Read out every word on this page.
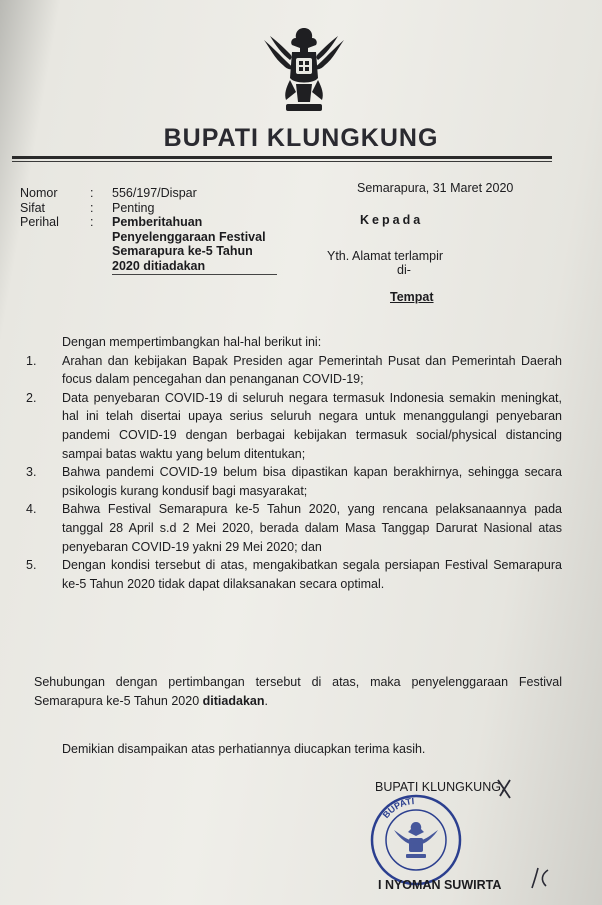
BUPATI KLUNGKUNG
Nomor	:	556/197/Dispar
Sifat	:	Penting
Perihal	:	Pemberitahuan
Penyelenggaraan Festival
Semarapura ke-5 Tahun
2020 ditiadakan
Semarapura, 31 Maret 2020
Kepada
Yth. Alamat terlampir
di-
Tempat

Dengan mempertimbangkan hal-hal berikut ini:

1. Arahan dan kebijakan Bapak Presiden agar Pemerintah Pusat dan Pemerintah Daerah focus dalam pencegahan dan penanganan COVID-19;
2. Data penyebaran COVID-19 di seluruh negara termasuk Indonesia semakin meningkat, hal ini telah disertai upaya serius seluruh negara untuk menanggulangi penyebaran pandemi COVID-19 dengan berbagai kebijakan termasuk social/physical distancing sampai batas waktu yang belum ditentukan;
3. Bahwa pandemi COVID-19 belum bisa dipastikan kapan berakhirnya, sehingga secara psikologis kurang kondusif bagi masyarakat;
4. Bahwa Festival Semarapura ke-5 Tahun 2020, yang rencana pelaksanaannya pada tanggal 28 April s.d 2 Mei 2020, berada dalam Masa Tanggap Darurat Nasional atas penyebaran COVID-19 yakni 29 Mei 2020; dan
5. Dengan kondisi tersebut di atas, mengakibatkan segala persiapan Festival Semarapura ke-5 Tahun 2020 tidak dapat dilaksanakan secara optimal.
Sehubungan dengan pertimbangan tersebut di atas, maka penyelenggaraan Festival Semarapura ke-5 Tahun 2020 ditiadakan.
Demikian disampaikan atas perhatiannya diucapkan terima kasih.
BUPATI KLUNGKUNG,
BUPATI
I NYOMAN SUWIRTA
